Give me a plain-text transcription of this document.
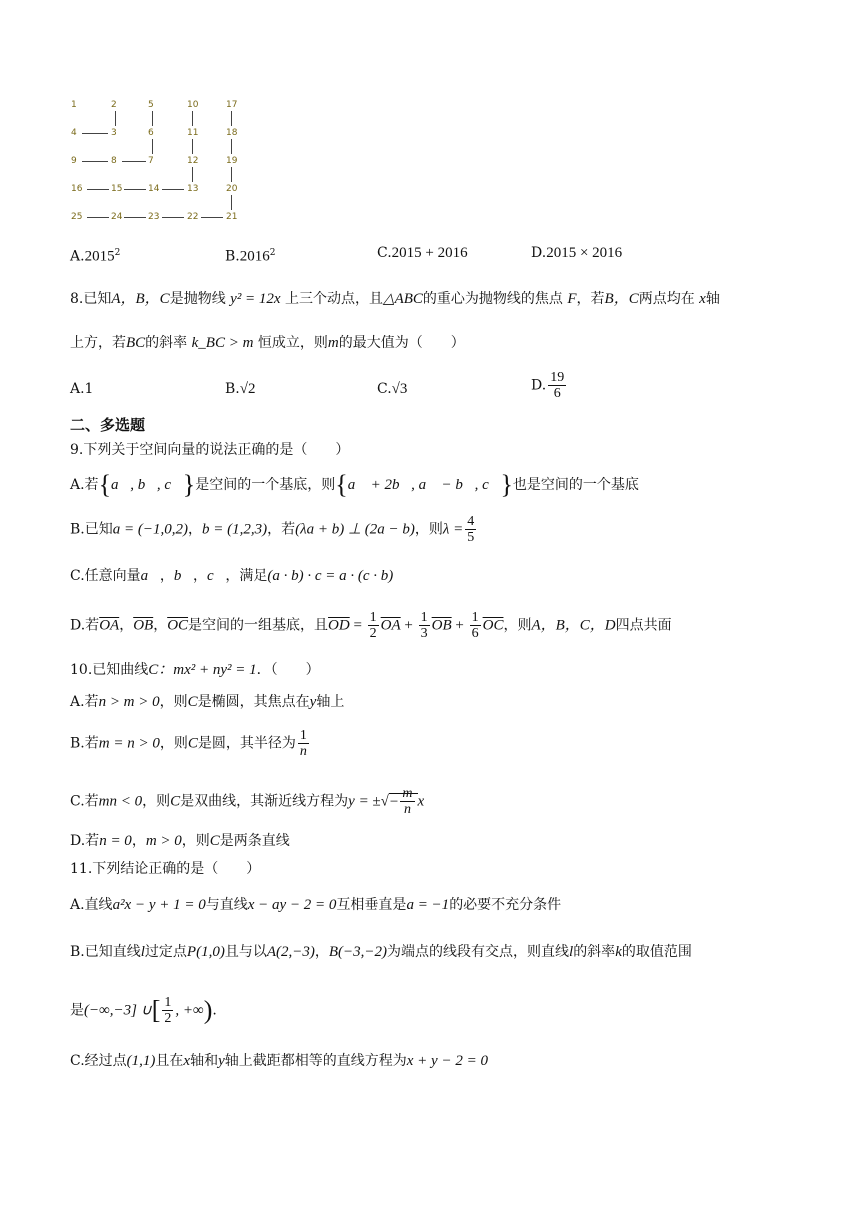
1	2	5	10	17
4	3	6	11	18
9	8	7	12	19
16	15	14	13	20
25	24	23	22	21
A.2015$^2$	B.2016$^2$	C.2015 + 2016	D.2015 × 2016
8.已知A，B，C是抛物线 y² = 12x 上三个动点，且△ABC的重心为抛物线的焦点 F，若B，C两点均在 x轴
上方，若BC的斜率 k_BC > m 恒成立，则m的最大值为（　　）
A.1	B.√2	C.√3	D. $\frac{19}{6}$
二、多选题
9.下列关于空间向量的说法正确的是（　　）
A.若{a⃗, b⃗, c⃗}是空间的一个基底，则{a⃗ + 2b⃗, a⃗ − b⃗, c⃗}也是空间的一个基底
B.已知a = (−1,0,2)，b = (1,2,3)，若(λa + b) ⊥ (2a − b)，则$\lambda = \frac{4}{5}$
C.任意向量a⃗，b⃗，c⃗，满足(a · b) · c = a · (c · b)
D.若$\overline{OA}$，$\overline{OB}$，$\overline{OC}$是空间的一组基底，且$\overline{OD} = \frac{1}{2} \overline{OA} + \frac{1}{3} \overline{OB} + \frac{1}{6} \overline{OC}$，则A，B，C，D四点共面
10.已知曲线C：mx² + ny² = 1．（　　）
A.若n > m > 0，则C是椭圆，其焦点在y轴上
B.若m = n > 0，则C是圆，其半径为 $\frac{1}{n}$
C.若mn < 0，则C是双曲线，其渐近线方程为y = ±√− $\frac{m}{n}$ x
D.若n = 0，m > 0，则C是两条直线
11.下列结论正确的是（　　）
A.直线a²x − y + 1 = 0与直线x − ay − 2 = 0互相垂直是a = −1的必要不充分条件
B.已知直线l过定点P(1,0)且与以A(2,−3)，B(−3,−2)为端点的线段有交点，则直线l的斜率k的取值范围
是(−∞,−3] ∪[ $\frac{1}{2}$ , +∞).
C.经过点(1,1)且在x轴和y轴上截距都相等的直线方程为x + y − 2 = 0
